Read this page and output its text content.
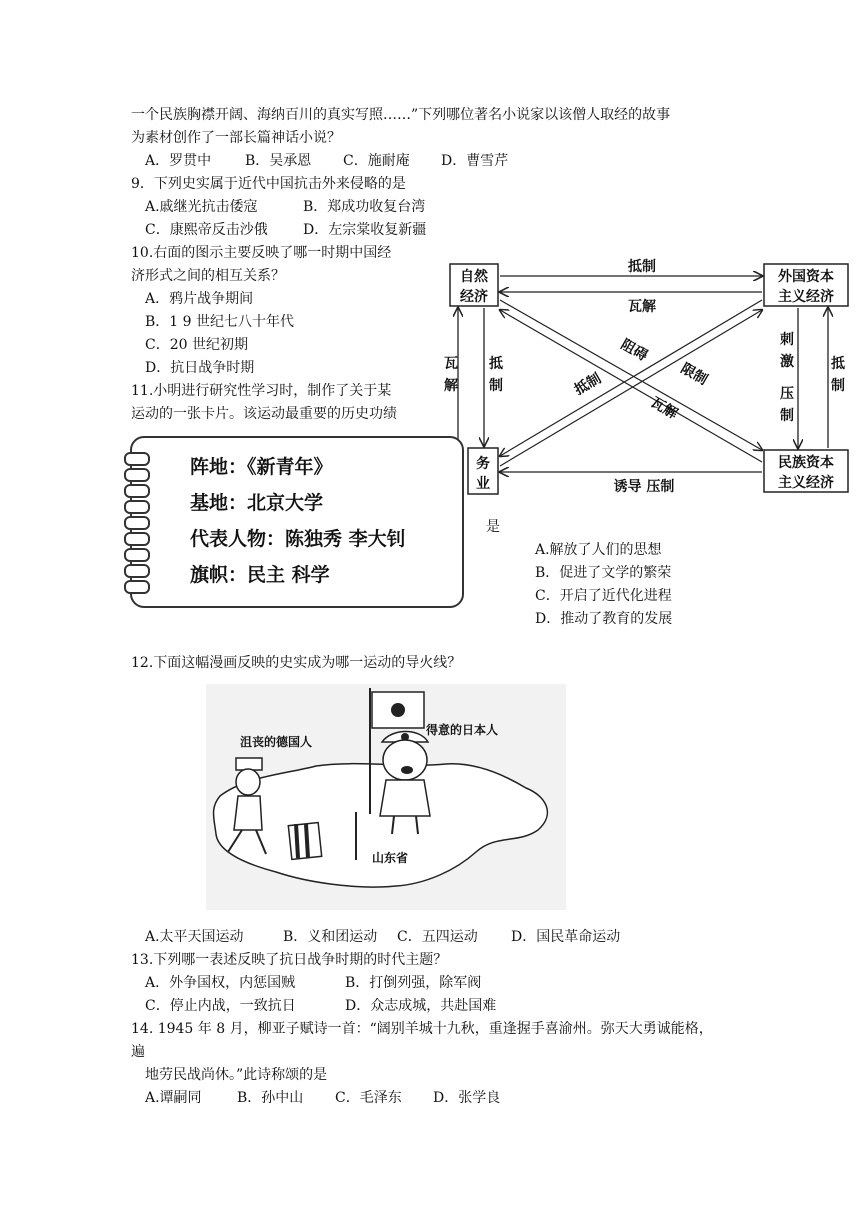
一个民族胸襟开阔、海纳百川的真实写照……”下列哪位著名小说家以该僧人取经的故事
为素材创作了一部长篇神话小说？
A．罗贯中 B．吴承恩 C．施耐庵 D．曹雪芹
9．下列史实属于近代中国抗击外来侵略的是
A.戚继光抗击倭寇	B．郑成功收复台湾
C．康熙帝反击沙俄	D．左宗棠收复新疆
10.右面的图示主要反映了哪一时期中国经
济形式之间的相互关系？
A．鸦片战争期间
B．1 9 世纪七八十年代
C．20 世纪初期
D．抗日战争时期
自然
经济
外国资本
主义经济
务
业
民族资本
主义经济
抵制
瓦解
诱导 压制
瓦
解
抵
制
刺
激
压
制
抵
制
阻碍
限制
抵制
瓦解
11.小明进行研究性学习时，制作了关于某
运动的一张卡片。该运动最重要的历史功绩
阵地：《新青年》
基地：北京大学
代表人物：陈独秀 李大钊
旗帜：民主 科学
是
A.解放了人们的思想
B．促进了文学的繁荣
C．开启了近代化进程
D．推动了教育的发展
12.下面这幅漫画反映的史实成为哪一运动的导火线？
沮丧的德国人
得意的日本人
山东省
A.太平天国运动	B．义和团运动 C．五四运动 D．国民革命运动
13.下列哪一表述反映了抗日战争时期的时代主题？
A．外争国权，内惩国贼	B．打倒列强，除军阀
C．停止内战，一致抗日	D．众志成城，共赴国难
14. 1945 年 8 月，柳亚子赋诗一首：“阔别羊城十九秋，重逢握手喜渝州。弥天大勇诚能格，
遍
地劳民战尚休。”此诗称颂的是
A.谭嗣同	B．孙中山 C．毛泽东 D．张学良
